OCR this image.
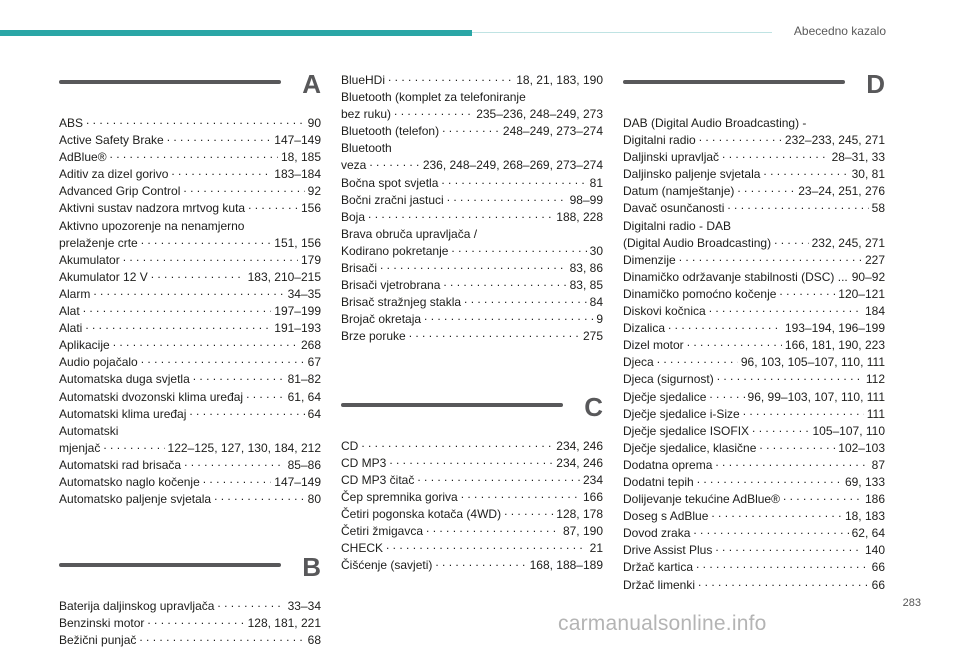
Abecedno kazalo
A
ABS . . .	90
Active Safety Brake . . .	147–149
AdBlue® . . .	18, 185
Aditiv za dizel gorivo . . .	183–184
Advanced Grip Control . . .	92
Aktivni sustav nadzora mrtvog kuta . . .	156
Aktivno upozorenje na nenamjerno
prelaženje crte . . .	151, 156
Akumulator . . .	179
Akumulator 12 V . . .	183, 210–215
Alarm . . .	34–35
Alat . . .	197–199
Alati . . .	191–193
Aplikacije . . .	268
Audio pojačalo . . .	67
Automatska duga svjetla . . .	81–82
Automatski dvozonski klima uređaj . . .	61, 64
Automatski klima uređaj . . .	64
Automatski
mjenjač . . .	122–125, 127, 130, 184, 212
Automatski rad brisača . . .	85–86
Automatsko naglo kočenje . . .	147–149
Automatsko paljenje svjetala . . .	80
B
Baterija daljinskog upravljača . . .	33–34
Benzinski motor . . .	128, 181, 221
Bežični punjač . . .	68
BlueHDi . . .	18, 21, 183, 190
Bluetooth (komplet za telefoniranje
bez ruku) . . .	235–236, 248–249, 273
Bluetooth (telefon) . . .	248–249, 273–274
Bluetooth
veza . . .	236, 248–249, 268–269, 273–274
Bočna spot svjetla . . .	81
Bočni zračni jastuci . . .	98–99
Boja . . .	188, 228
Brava obruča upravljača /
Kodirano pokretanje . . .	30
Brisači . . .	83, 86
Brisači vjetrobrana . . .	83, 85
Brisač stražnjeg stakla . . .	84
Brojač okretaja . . .	9
Brze poruke . . .	275
C
CD . . .	234, 246
CD MP3 . . .	234, 246
CD MP3 čitač . . .	234
Čep spremnika goriva . . .	166
Četiri pogonska kotača (4WD) . . .	128, 178
Četiri žmigavca . . .	87, 190
CHECK . . .	21
Čišćenje (savjeti) . . .	168, 188–189
D
DAB (Digital Audio Broadcasting) -
Digitalni radio . . .	232–233, 245, 271
Daljinski upravljač . . .	28–31, 33
Daljinsko paljenje svjetala . . .	30, 81
Datum (namještanje) . . .	23–24, 251, 276
Davač osunčanosti . . .	58
Digitalni radio - DAB
(Digital Audio Broadcasting) . . .	232, 245, 271
Dimenzije . . .	227
Dinamičko održavanje stabilnosti (DSC) ... 90–92
Dinamičko pomoćno kočenje . . .	120–121
Diskovi kočnica . . .	184
Dizalica . . .	193–194, 196–199
Dizel motor . . .	166, 181, 190, 223
Djeca . . .	96, 103, 105–107, 110, 111
Djeca (sigurnost) . . .	112
Dječje sjedalice . . .	96, 99–103, 107, 110, 111
Dječje sjedalice i-Size . . .	111
Dječje sjedalice ISOFIX . . .	105–107, 110
Dječje sjedalice, klasične . . .	102–103
Dodatna oprema . . .	87
Dodatni tepih . . .	69, 133
Dolijevanje tekućine AdBlue® . . .	186
Doseg s AdBlue . . .	18, 183
Dovod zraka . . .	62, 64
Drive Assist Plus . . .	140
Držač kartica . . .	66
Držač limenki . . .	66
283
carmanualsonline.info
